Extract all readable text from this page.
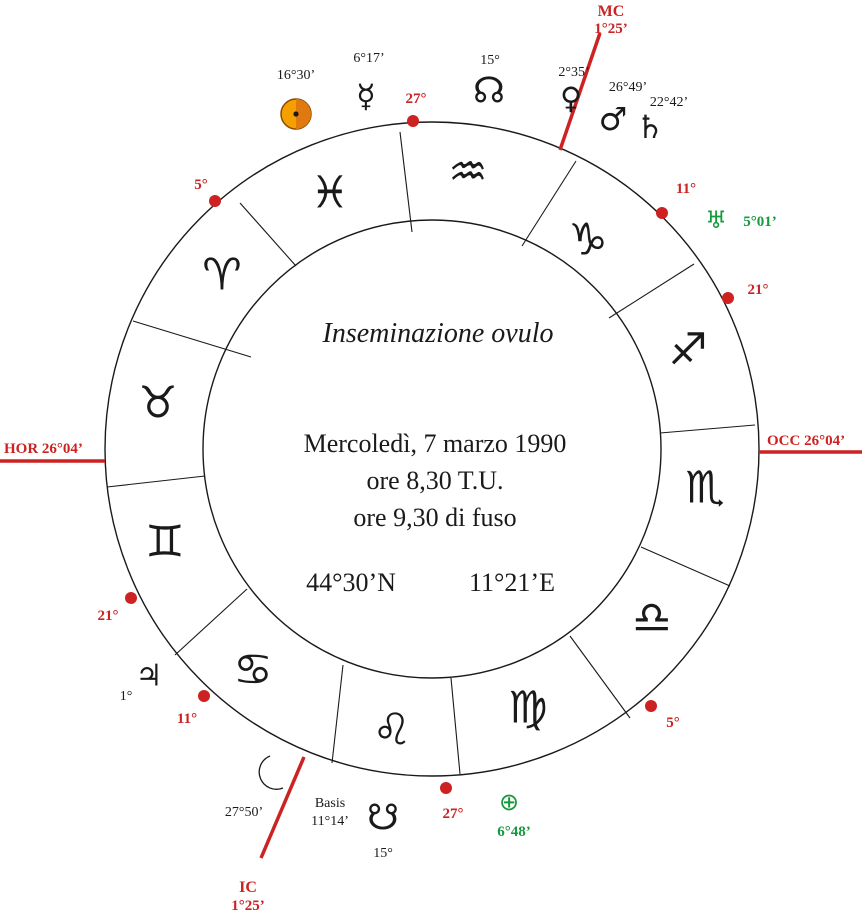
MC
1°25’
IC
1°25’
HOR 26°04’	OCC 26°04’
♒
♑
♐
♏
♎
♍
♌
♋
♊
♉
♈
♓
27°
11°
21°
5°
27°
11°
21°
5°
16°30’
☿
6°17’
☊
15°
♀
2°35’
♂
26°49’
♄
22°42’
♅ 5°01’
♃
1°
27°50’
Basis
11°14’ ☋
15°
⊕
6°48’
Inseminazione ovulo
Mercoledì, 7 marzo 1990
ore 8,30 T.U.
ore 9,30 di fuso
44°30’N	11°21’E
